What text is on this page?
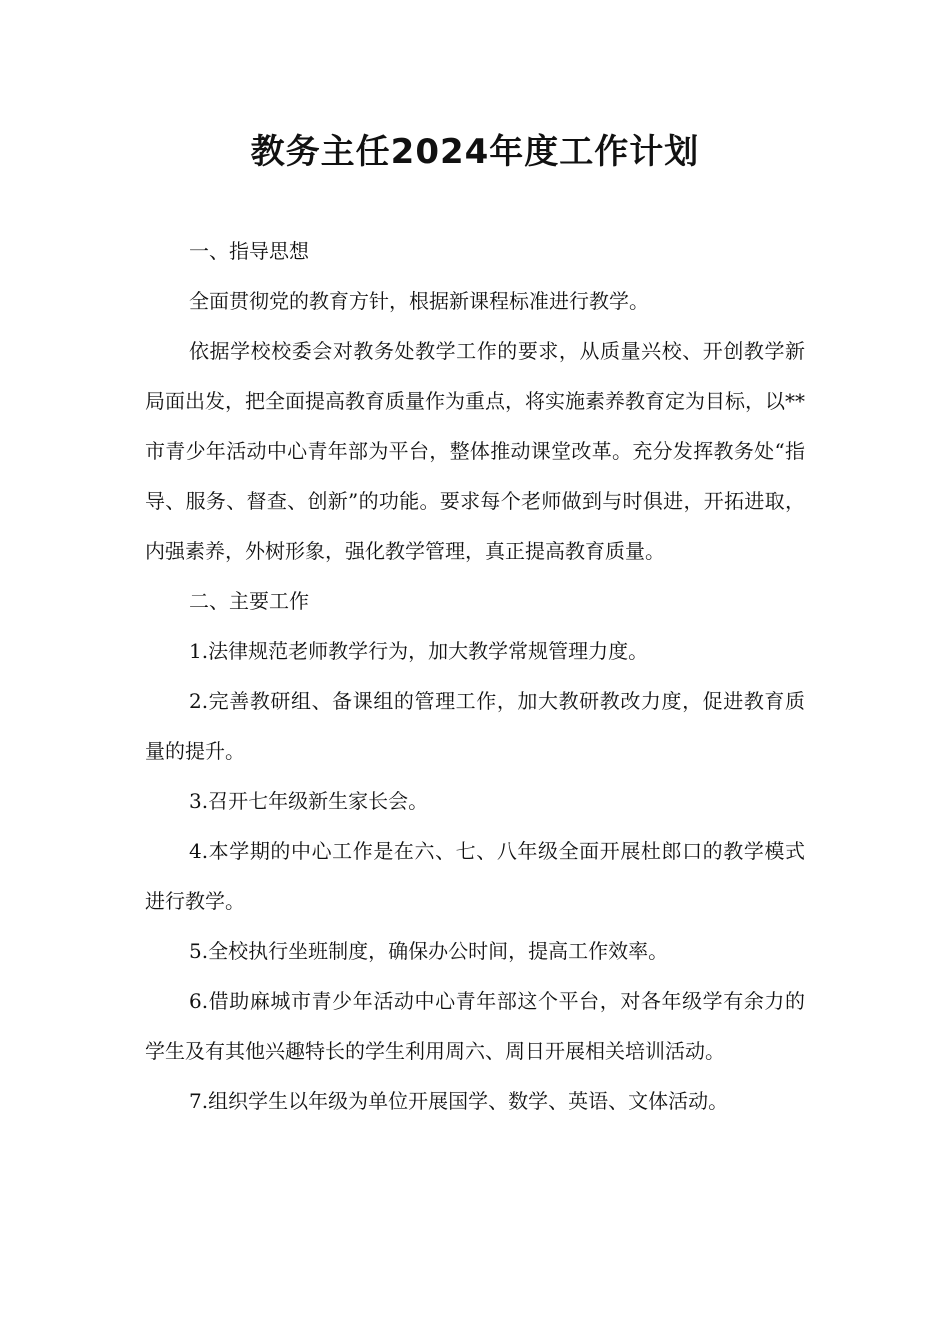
教务主任2024年度工作计划

一、指导思想

全面贯彻党的教育方针，根据新课程标准进行教学。

依据学校校委会对教务处教学工作的要求，从质量兴校、开创教学新局面出发，把全面提高教育质量作为重点，将实施素养教育定为目标，以**市青少年活动中心青年部为平台，整体推动课堂改革。充分发挥教务处“指导、服务、督查、创新”的功能。要求每个老师做到与时俱进，开拓进取，内强素养，外树形象，强化教学管理，真正提高教育质量。

二、主要工作

1.法律规范老师教学行为，加大教学常规管理力度。

2.完善教研组、备课组的管理工作，加大教研教改力度，促进教育质量的提升。

3.召开七年级新生家长会。

4.本学期的中心工作是在六、七、八年级全面开展杜郎口的教学模式进行教学。

5.全校执行坐班制度，确保办公时间，提高工作效率。

6.借助麻城市青少年活动中心青年部这个平台，对各年级学有余力的学生及有其他兴趣特长的学生利用周六、周日开展相关培训活动。

7.组织学生以年级为单位开展国学、数学、英语、文体活动。
